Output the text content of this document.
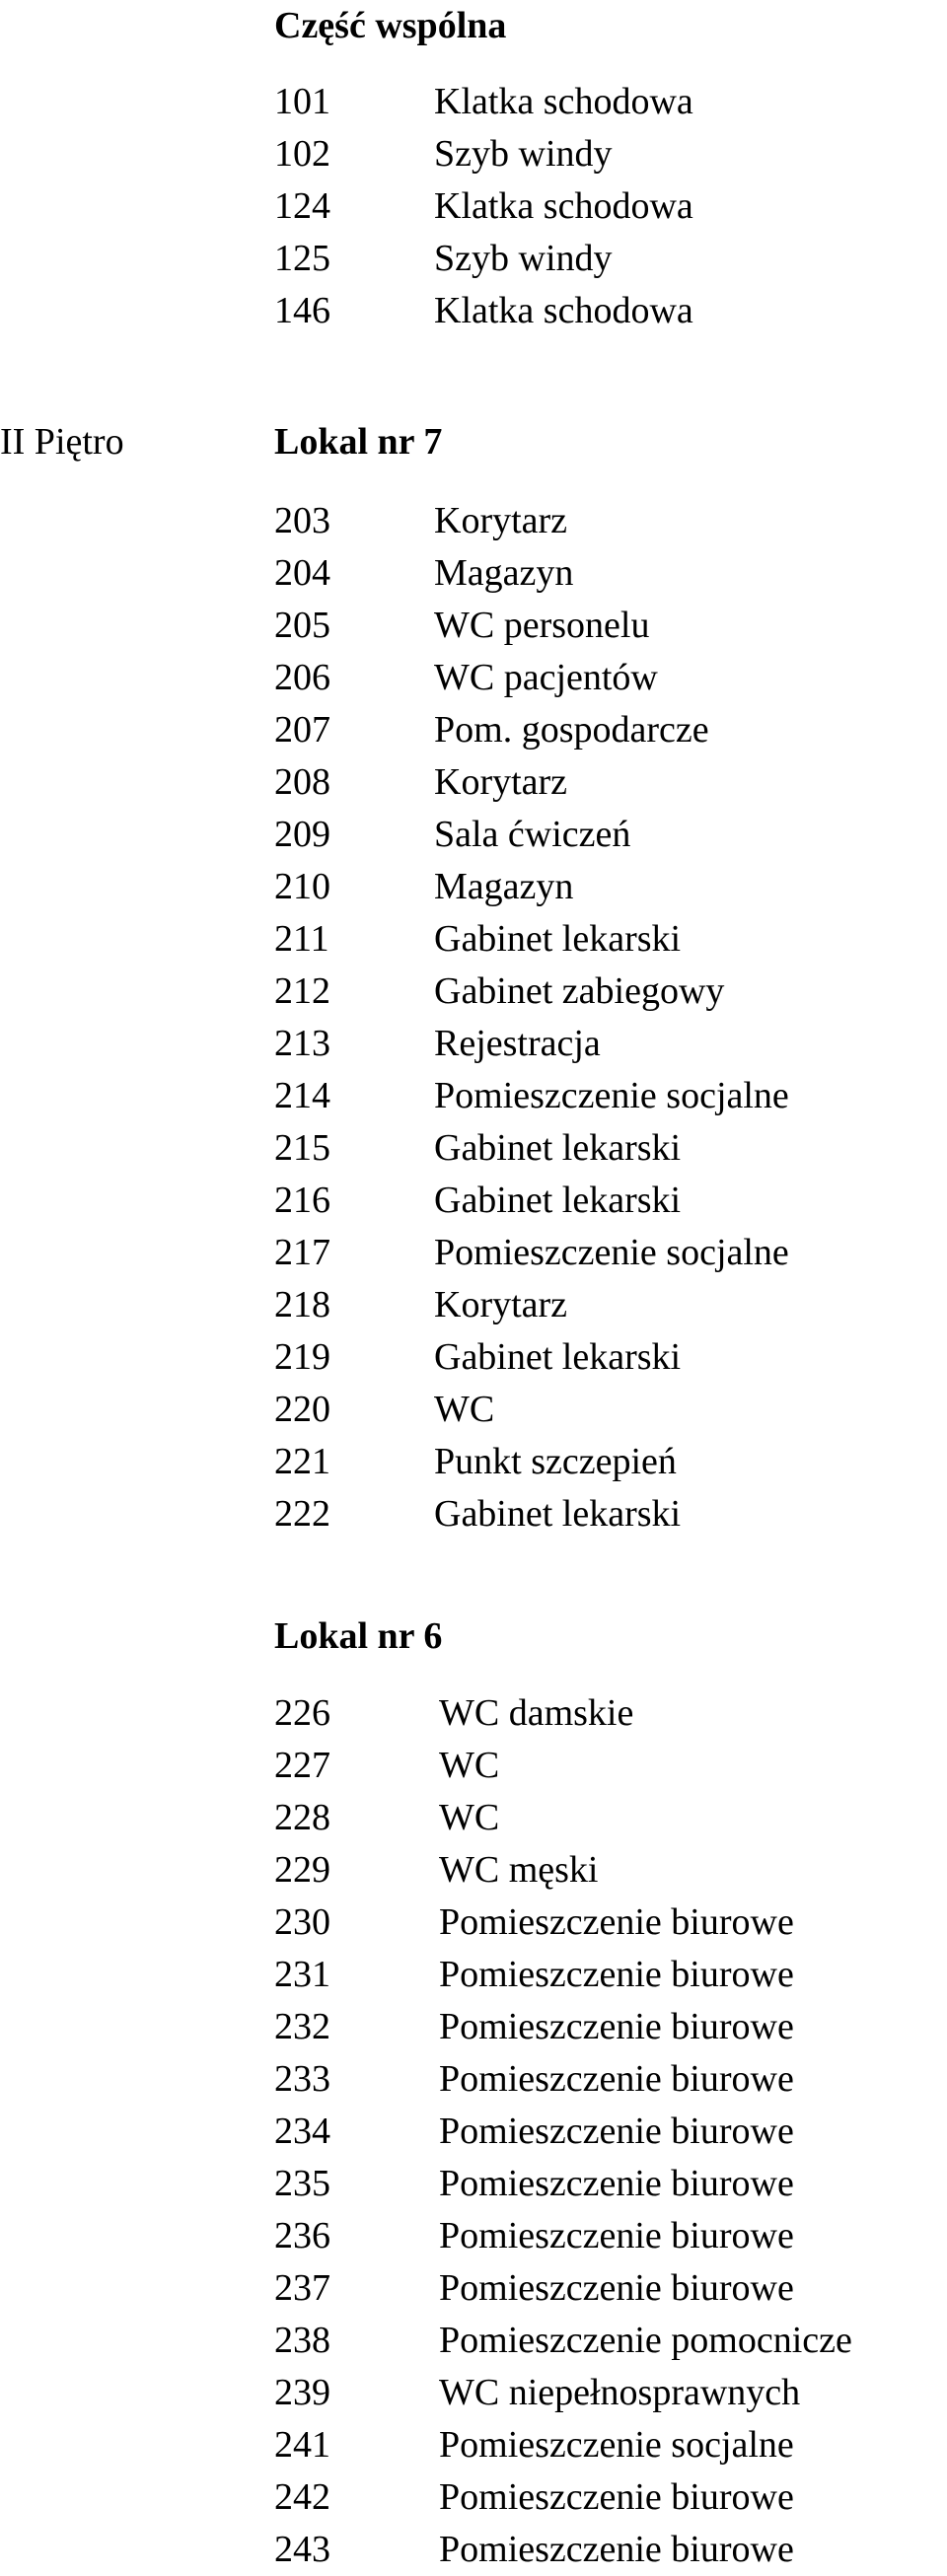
Część wspólna
101	Klatka schodowa
102	Szyb windy
124	Klatka schodowa
125	Szyb windy
146	Klatka schodowa
II Piętro	Lokal nr 7
203	Korytarz
204	Magazyn
205	WC personelu
206	WC pacjentów
207	Pom. gospodarcze
208	Korytarz
209	Sala ćwiczeń
210	Magazyn
211	Gabinet lekarski
212	Gabinet zabiegowy
213	Rejestracja
214	Pomieszczenie socjalne
215	Gabinet lekarski
216	Gabinet lekarski
217	Pomieszczenie socjalne
218	Korytarz
219	Gabinet lekarski
220	WC
221	Punkt szczepień
222	Gabinet lekarski
Lokal nr 6
226	WC damskie
227	WC
228	WC
229	WC męski
230	Pomieszczenie biurowe
231	Pomieszczenie biurowe
232	Pomieszczenie biurowe
233	Pomieszczenie biurowe
234	Pomieszczenie biurowe
235	Pomieszczenie biurowe
236	Pomieszczenie biurowe
237	Pomieszczenie biurowe
238	Pomieszczenie pomocnicze
239	WC niepełnosprawnych
241	Pomieszczenie socjalne
242	Pomieszczenie biurowe
243	Pomieszczenie biurowe
